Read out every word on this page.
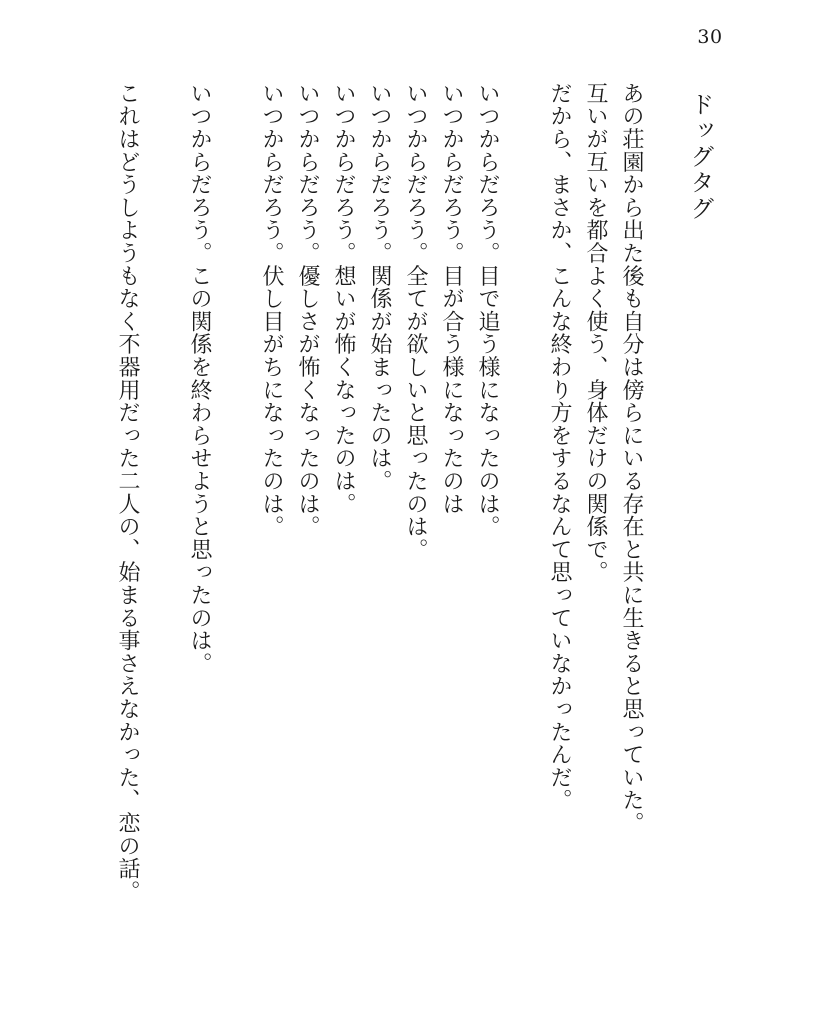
30
ドッグタグ
あの荘園から出た後も自分は傍らにいる存在と共に生きると思っていた。
互いが互いを都合よく使う、身体だけの関係で。
だから、まさか、こんな終わり方をするなんて思っていなかったんだ。

いつからだろう。目で追う様になったのは。
いつからだろう。目が合う様になったのは
いつからだろう。全てが欲しいと思ったのは。
いつからだろう。関係が始まったのは。
いつからだろう。想いが怖くなったのは。
いつからだろう。優しさが怖くなったのは。
いつからだろう。伏し目がちになったのは。

いつからだろう。この関係を終わらせようと思ったのは。

これはどうしようもなく不器用だった二人の、始まる事さえなかった、恋の話。
